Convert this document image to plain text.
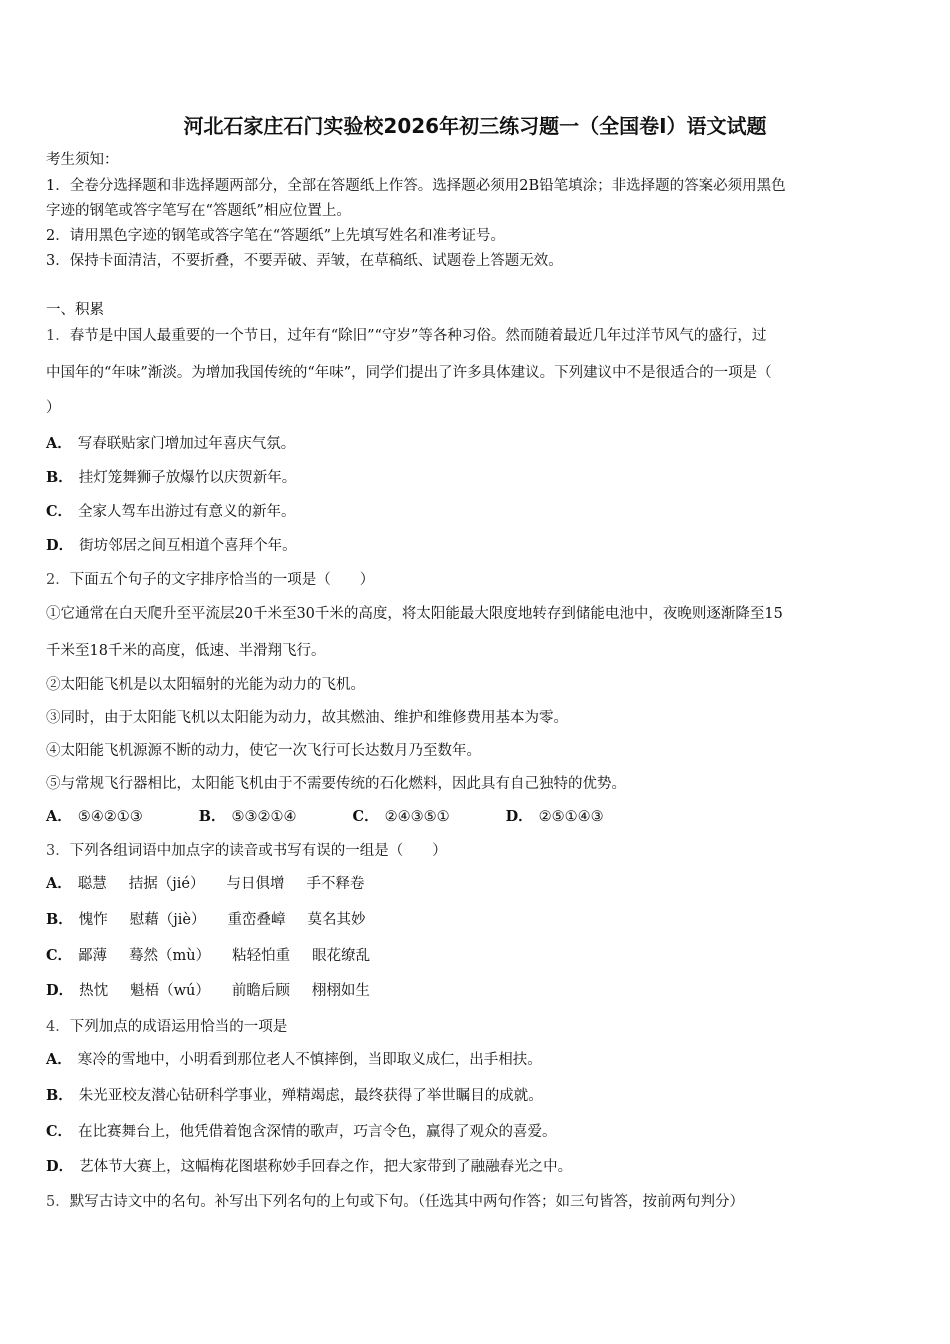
河北石家庄石门实验校2026年初三练习题一（全国卷Ⅰ）语文试题
考生须知：
1．全卷分选择题和非选择题两部分，全部在答题纸上作答。选择题必须用2B铅笔填涂；非选择题的答案必须用黑色
字迹的钢笔或答字笔写在“答题纸”相应位置上。
2．请用黑色字迹的钢笔或答字笔在“答题纸”上先填写姓名和准考证号。
3．保持卡面清洁，不要折叠，不要弄破、弄皱，在草稿纸、试题卷上答题无效。
一、积累
1．春节是中国人最重要的一个节日，过年有“除旧”“守岁”等各种习俗。然而随着最近几年过洋节风气的盛行，过
中国年的“年味”渐淡。为增加我国传统的“年味”，同学们提出了许多具体建议。下列建议中不是很适合的一项是（
）
A． 写春联贴家门增加过年喜庆气氛。
B． 挂灯笼舞狮子放爆竹以庆贺新年。
C． 全家人驾车出游过有意义的新年。
D． 街坊邻居之间互相道个喜拜个年。
2．下面五个句子的文字排序恰当的一项是（　　）
①它通常在白天爬升至平流层20千米至30千米的高度，将太阳能最大限度地转存到储能电池中，夜晚则逐渐降至15
千米至18千米的高度，低速、半滑翔飞行。
②太阳能飞机是以太阳辐射的光能为动力的飞机。
③同时，由于太阳能飞机以太阳能为动力，故其燃油、维护和维修费用基本为零。
④太阳能飞机源源不断的动力，使它一次飞行可长达数月乃至数年。
⑤与常规飞行器相比，太阳能飞机由于不需要传统的石化燃料，因此具有自己独特的优势。
A． ⑤④②①③	B． ⑤③②①④	C． ②④③⑤①	D． ②⑤①④③
3．下列各组词语中加点字的读音或书写有误的一组是（　　）
A． 聪慧 拮据（jié） 与日俱增 手不释卷
B． 愧怍 慰藉（jiè） 重峦叠嶂 莫名其妙
C． 鄙薄 蓦然（mù） 粘轻怕重 眼花缭乱
D． 热忱 魁梧（wú） 前瞻后顾 栩栩如生
4．下列加点的成语运用恰当的一项是
A． 寒冷的雪地中，小明看到那位老人不慎摔倒，当即取义成仁，出手相扶。
B． 朱光亚校友潜心钻研科学事业，殚精竭虑，最终获得了举世瞩目的成就。
C． 在比赛舞台上，他凭借着饱含深情的歌声，巧言令色，赢得了观众的喜爱。
D． 艺体节大赛上，这幅梅花图堪称妙手回春之作，把大家带到了融融春光之中。
5．默写古诗文中的名句。补写出下列名句的上句或下句。（任选其中两句作答；如三句皆答，按前两句判分）
